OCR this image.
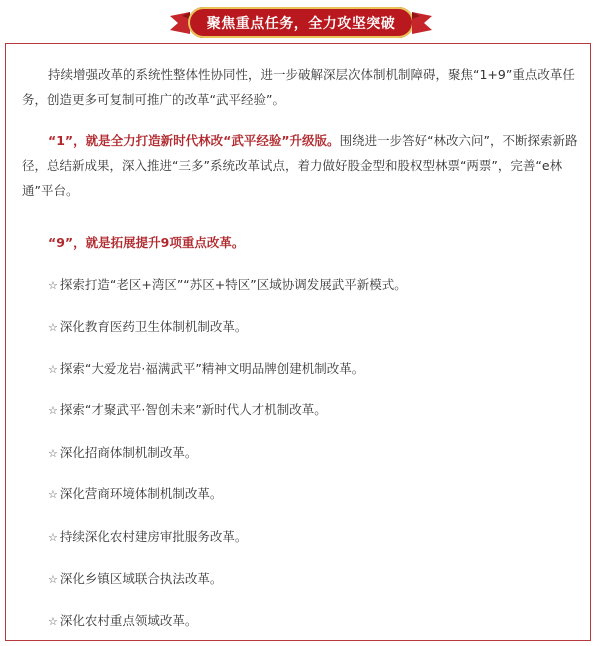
聚焦重点任务，全力攻坚突破

持续增强改革的系统性整体性协同性，进一步破解深层次体制机制障碍，聚焦“1+9”重点改革任务，创造更多可复制可推广的改革“武平经验”。

“1”，就是全力打造新时代林改“武平经验”升级版。围绕进一步答好“林改六问”，不断探索新路径，总结新成果，深入推进“三多”系统改革试点，着力做好股金型和股权型林票“两票”，完善“e林通”平台。

“9”，就是拓展提升9项重点改革。

☆ 探索打造“老区+湾区”“苏区+特区”区域协调发展武平新模式。
☆ 深化教育医药卫生体制机制改革。
☆ 探索“大爱龙岩·福满武平”精神文明品牌创建机制改革。
☆ 探索“才聚武平·智创未来”新时代人才机制改革。
☆ 深化招商体制机制改革。
☆ 深化营商环境体制机制改革。
☆ 持续深化农村建房审批服务改革。
☆ 深化乡镇区域联合执法改革。
☆ 深化农村重点领域改革。
